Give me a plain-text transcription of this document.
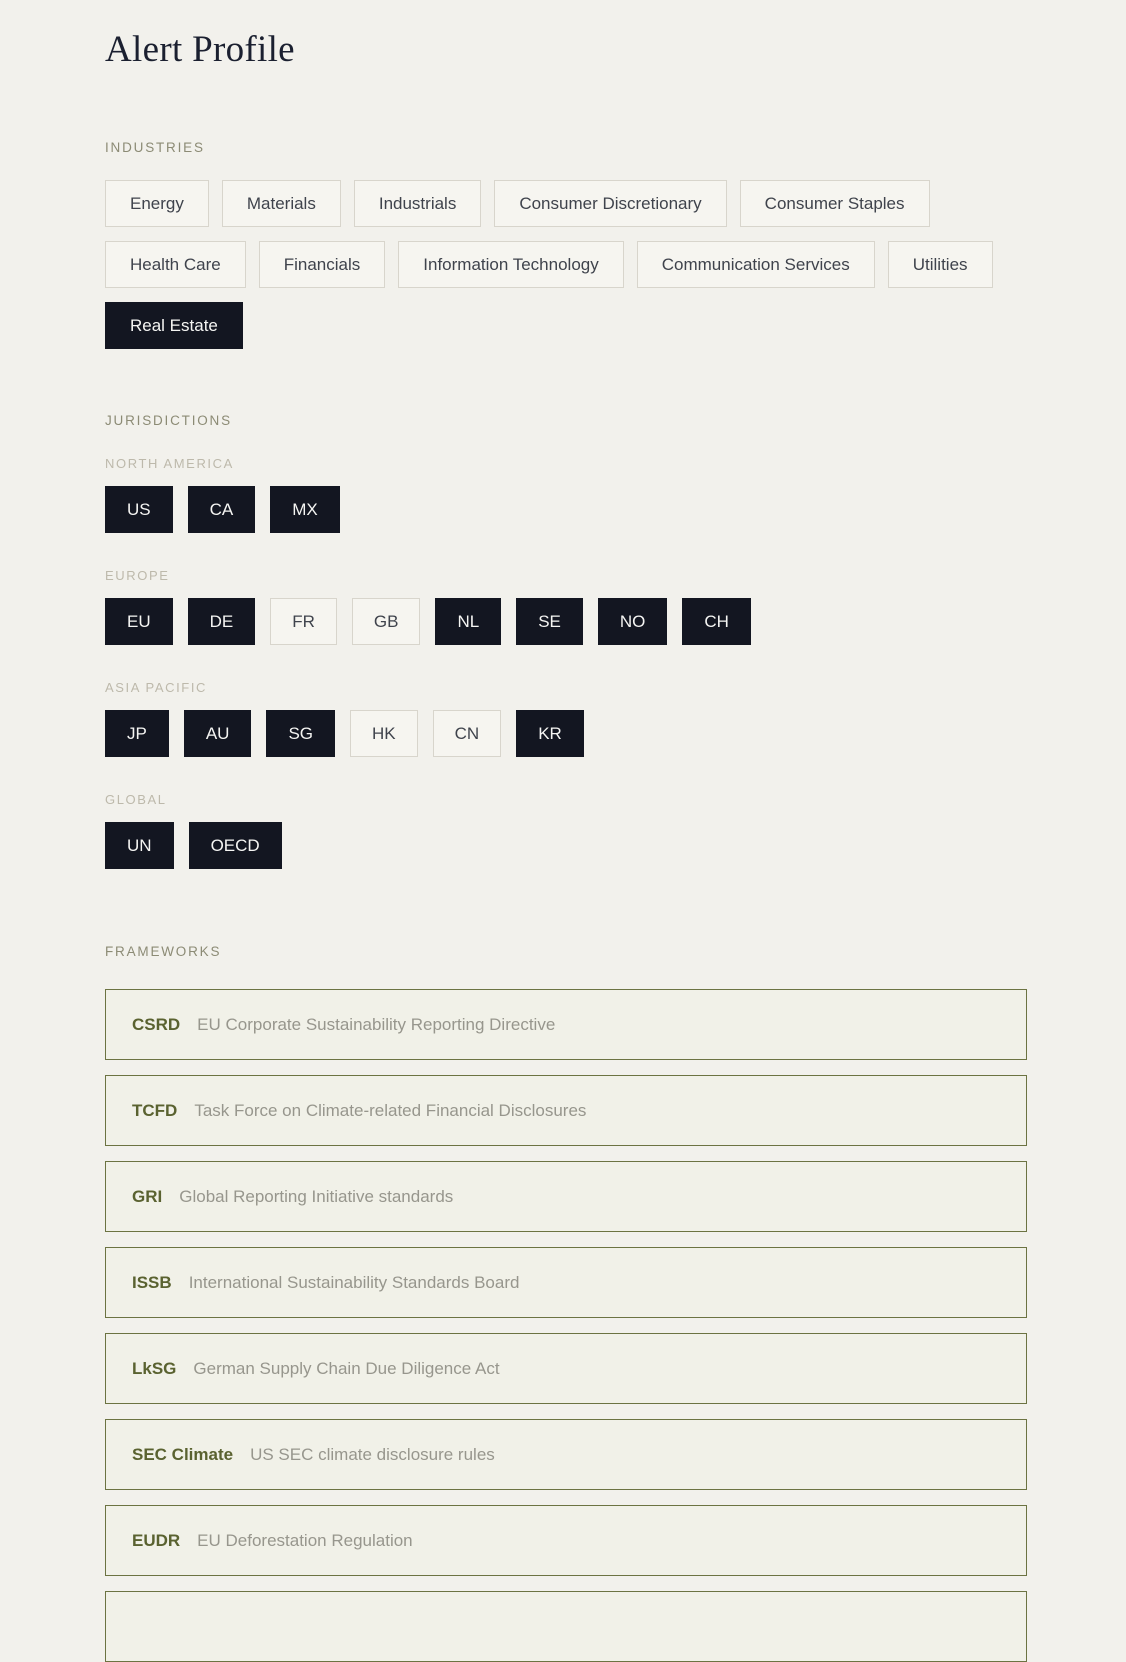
Alert Profile
INDUSTRIES
Energy	Materials	Industrials	Consumer Discretionary	Consumer Staples
Health Care	Financials	Information Technology	Communication Services	Utilities
Real Estate
JURISDICTIONS
NORTH AMERICA
US	CA	MX
EUROPE
EU	DE	FR	GB	NL	SE	NO	CH
ASIA PACIFIC
JP	AU	SG	HK	CN	KR
GLOBAL
UN	OECD
FRAMEWORKS
CSRD EU Corporate Sustainability Reporting Directive
TCFD Task Force on Climate-related Financial Disclosures
GRI Global Reporting Initiative standards
ISSB International Sustainability Standards Board
LkSG German Supply Chain Due Diligence Act
SEC Climate US SEC climate disclosure rules
EUDR EU Deforestation Regulation
